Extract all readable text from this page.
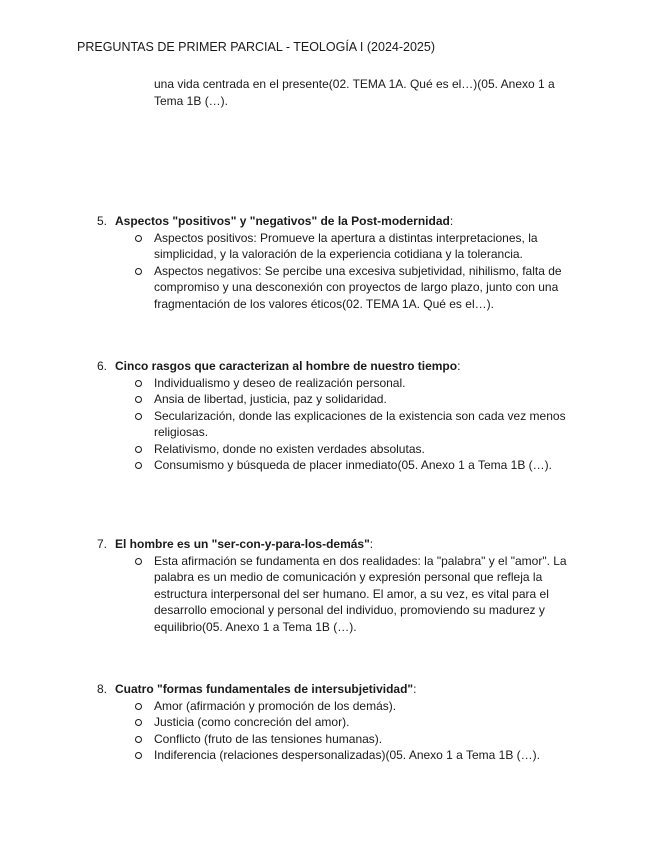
PREGUNTAS DE PRIMER PARCIAL - TEOLOGÍA I (2024-2025)
una vida centrada en el presente(02. TEMA 1A. Qué es el…)(05. Anexo 1 a Tema 1B (…).
5. Aspectos "positivos" y "negativos" de la Post-modernidad:
Aspectos positivos: Promueve la apertura a distintas interpretaciones, la simplicidad, y la valoración de la experiencia cotidiana y la tolerancia.
Aspectos negativos: Se percibe una excesiva subjetividad, nihilismo, falta de compromiso y una desconexión con proyectos de largo plazo, junto con una fragmentación de los valores éticos(02. TEMA 1A. Qué es el…).
6. Cinco rasgos que caracterizan al hombre de nuestro tiempo:
Individualismo y deseo de realización personal.
Ansia de libertad, justicia, paz y solidaridad.
Secularización, donde las explicaciones de la existencia son cada vez menos religiosas.
Relativismo, donde no existen verdades absolutas.
Consumismo y búsqueda de placer inmediato(05. Anexo 1 a Tema 1B (…).
7. El hombre es un "ser-con-y-para-los-demás":
Esta afirmación se fundamenta en dos realidades: la "palabra" y el "amor". La palabra es un medio de comunicación y expresión personal que refleja la estructura interpersonal del ser humano. El amor, a su vez, es vital para el desarrollo emocional y personal del individuo, promoviendo su madurez y equilibrio(05. Anexo 1 a Tema 1B (…).
8. Cuatro "formas fundamentales de intersubjetividad":
Amor (afirmación y promoción de los demás).
Justicia (como concreción del amor).
Conflicto (fruto de las tensiones humanas).
Indiferencia (relaciones despersonalizadas)(05. Anexo 1 a Tema 1B (…).
